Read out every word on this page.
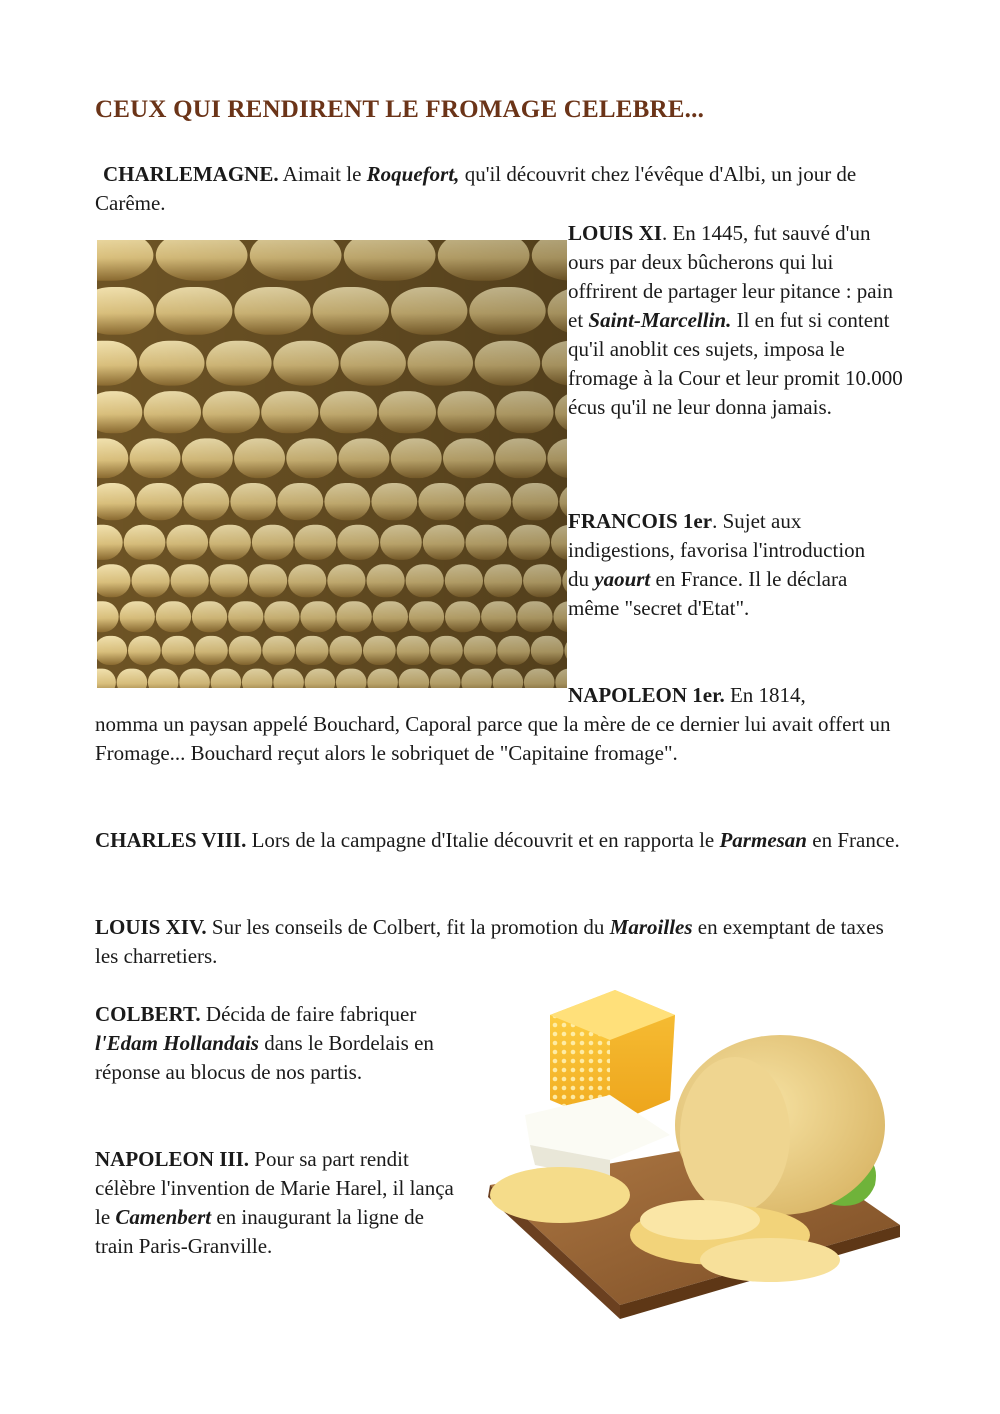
CEUX QUI RENDIRENT LE FROMAGE CELEBRE...

CHARLEMAGNE. Aimait le Roquefort, qu'il découvrit chez l'évêque d'Albi, un jour de Carême.

LOUIS XI. En 1445, fut sauvé d'un ours par deux bûcherons qui lui offrirent de partager leur pitance : pain et Saint-Marcellin. Il en fut si content qu'il anoblit ces sujets, imposa le fromage à la Cour et leur promit 10.000 écus qu'il ne leur donna jamais.

FRANCOIS 1er. Sujet aux indigestions, favorisa l'introduction du yaourt en France. Il le déclara même "secret d'Etat".

NAPOLEON 1er. En 1814,

nomma un paysan appelé Bouchard, Caporal parce que la mère de ce dernier lui avait offert un Fromage... Bouchard reçut alors le sobriquet de "Capitaine fromage".

CHARLES VIII. Lors de la campagne d'Italie découvrit et en rapporta le Parmesan en France.

LOUIS XIV. Sur les conseils de Colbert, fit la promotion du Maroilles en exemptant de taxes les charretiers.

COLBERT. Décida de faire fabriquer l'Edam Hollandais dans le Bordelais en réponse au blocus de nos partis.

NAPOLEON III. Pour sa part rendit célèbre l'invention de Marie Harel, il lança le Camenbert en inaugurant la ligne de train Paris-Granville.
